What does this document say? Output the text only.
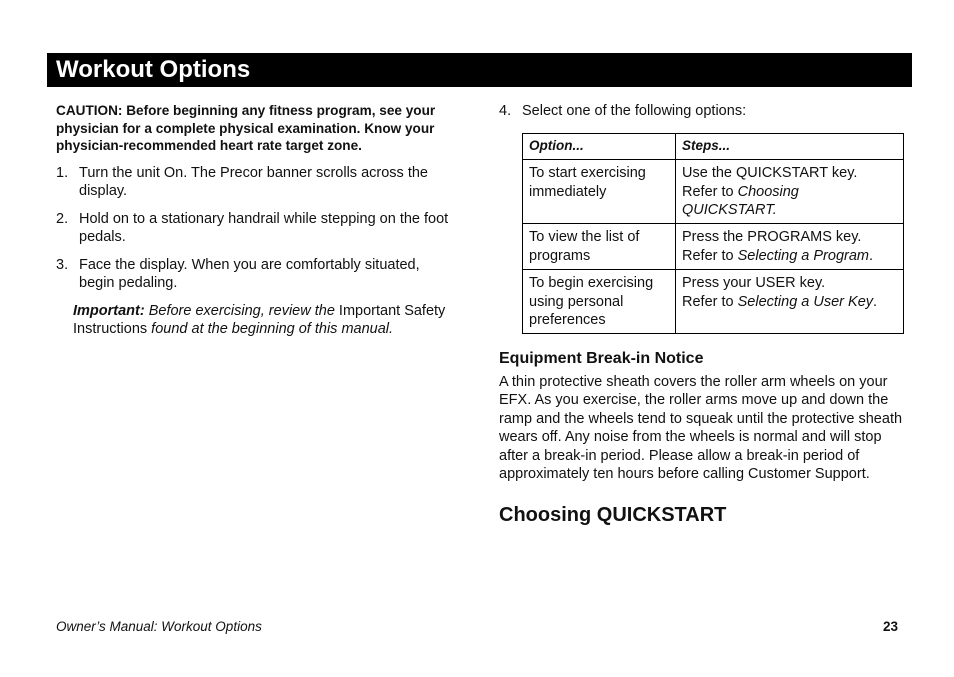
Workout Options

CAUTION: Before beginning any fitness program, see your physician for a complete physical examination. Know your physician-recommended heart rate target zone.

1. Turn the unit On. The Precor banner scrolls across the display.
2. Hold on to a stationary handrail while stepping on the foot pedals.
3. Face the display. When you are comfortably situated, begin pedaling.

Important: Before exercising, review the Important Safety Instructions found at the beginning of this manual.

4. Select one of the following options:
Option...	Steps...
To start exercising immediately	Use the QUICKSTART key.
Refer to Choosing QUICKSTART.

To view the list of programs	Press the PROGRAMS key.
Refer to Selecting a Program.

To begin exercising using personal preferences	Press your USER key.
Refer to Selecting a User Key.
Equipment Break-in Notice

A thin protective sheath covers the roller arm wheels on your EFX. As you exercise, the roller arms move up and down the ramp and the wheels tend to squeak until the protective sheath wears off. Any noise from the wheels is normal and will stop after a break-in period. Please allow a break-in period of approximately ten hours before calling Customer Support.

Choosing QUICKSTART
Owner’s Manual: Workout Options	23
